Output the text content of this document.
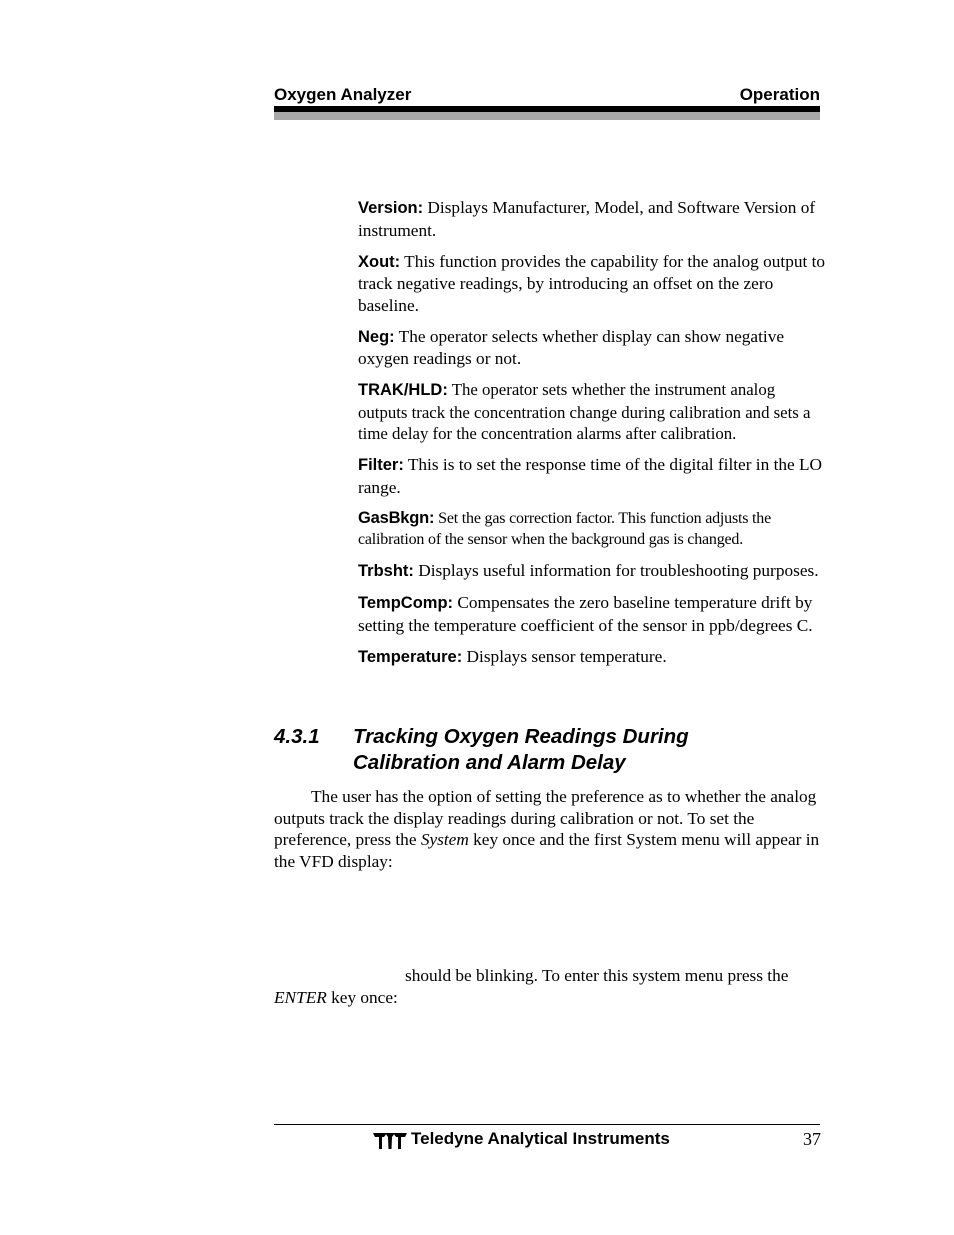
Oxygen Analyzer	Operation
Version: Displays Manufacturer, Model, and Software Version of instrument.
Xout: This function provides the capability for the analog output to track negative readings, by introducing an offset on the zero baseline.
Neg: The operator selects whether display can show negative oxygen readings or not.
TRAK/HLD: The operator sets whether the instrument analog outputs track the concentration change during calibration and sets a time delay for the concentration alarms after calibration.
Filter: This is to set the response time of the digital filter in the LO range.
GasBkgn: Set the gas correction factor. This function adjusts the calibration of the sensor when the background gas is changed.
Trbsht: Displays useful information for troubleshooting purposes.
TempComp: Compensates the zero baseline temperature drift by setting the temperature coefficient of the sensor in ppb/degrees C.
Temperature: Displays sensor temperature.
4.3.1 Tracking Oxygen Readings During Calibration and Alarm Delay
The user has the option of setting the preference as to whether the analog outputs track the display readings during calibration or not. To set the preference, press the System key once and the first System menu will appear in the VFD display:
should be blinking. To enter this system menu press the ENTER key once:
Teledyne Analytical Instruments	37
